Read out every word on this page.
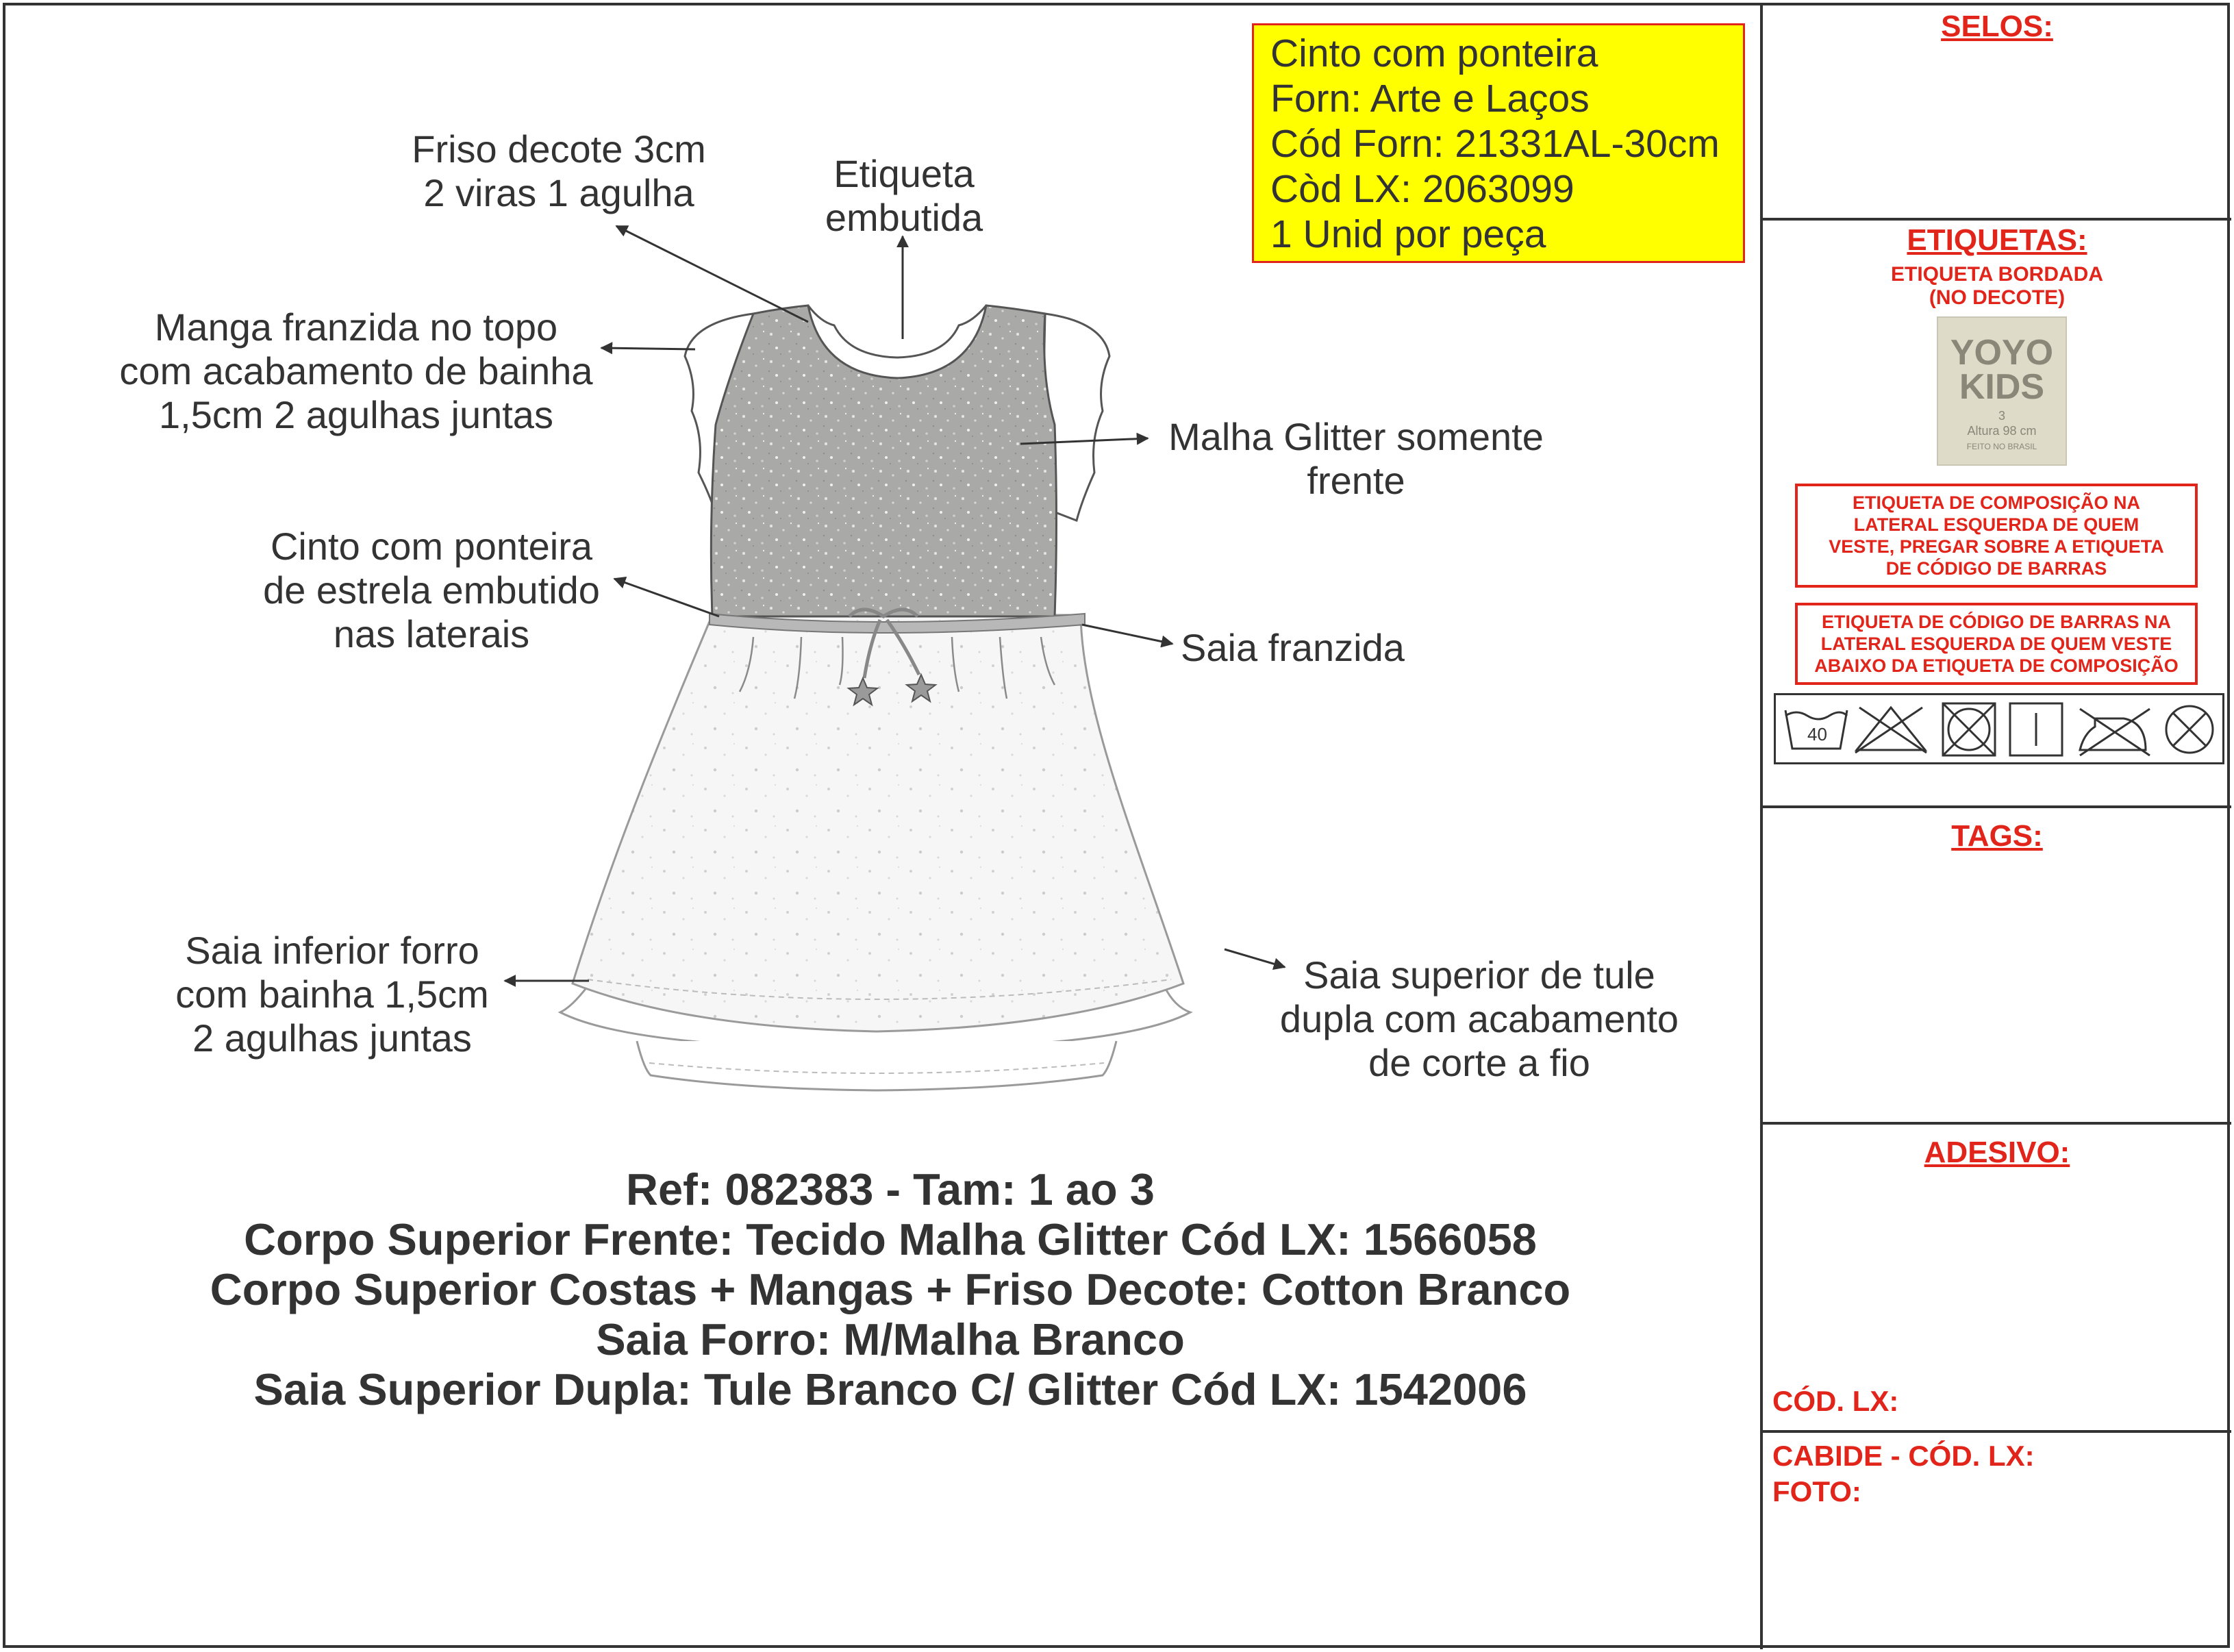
Cinto com ponteira
Forn: Arte e Laços
Cód Forn: 21331AL-30cm
Còd LX: 2063099
1 Unid por peça
Friso decote 3cm
2 viras 1 agulha	Etiqueta
embutida
Manga franzida no topo
com acabamento de bainha
1,5cm 2 agulhas juntas
Malha Glitter somente
frente
Cinto com ponteira
de estrela embutido
nas laterais	Saia franzida
Saia inferior forro
com bainha 1,5cm
2 agulhas juntas
Saia superior de tule
dupla com acabamento
de corte a fio
Ref: 082383 - Tam: 1 ao 3
Corpo Superior Frente: Tecido Malha Glitter Cód LX: 1566058
Corpo Superior Costas + Mangas + Friso Decote: Cotton Branco
Saia Forro: M/Malha Branco
Saia Superior Dupla: Tule Branco C/ Glitter Cód LX: 1542006
SELOS:
ETIQUETAS:
ETIQUETA BORDADA
(NO DECOTE)
YOYO
KIDS
3
Altura 98 cm
FEITO NO BRASIL
ETIQUETA DE COMPOSIÇÃO NA
LATERAL ESQUERDA DE QUEM
VESTE, PREGAR SOBRE A ETIQUETA
DE CÓDIGO DE BARRAS
ETIQUETA DE CÓDIGO DE BARRAS NA
LATERAL ESQUERDA DE QUEM VESTE
ABAIXO DA ETIQUETA DE COMPOSIÇÃO
40
TAGS:
ADESIVO:
CÓD. LX:
CABIDE - CÓD. LX:
FOTO:
